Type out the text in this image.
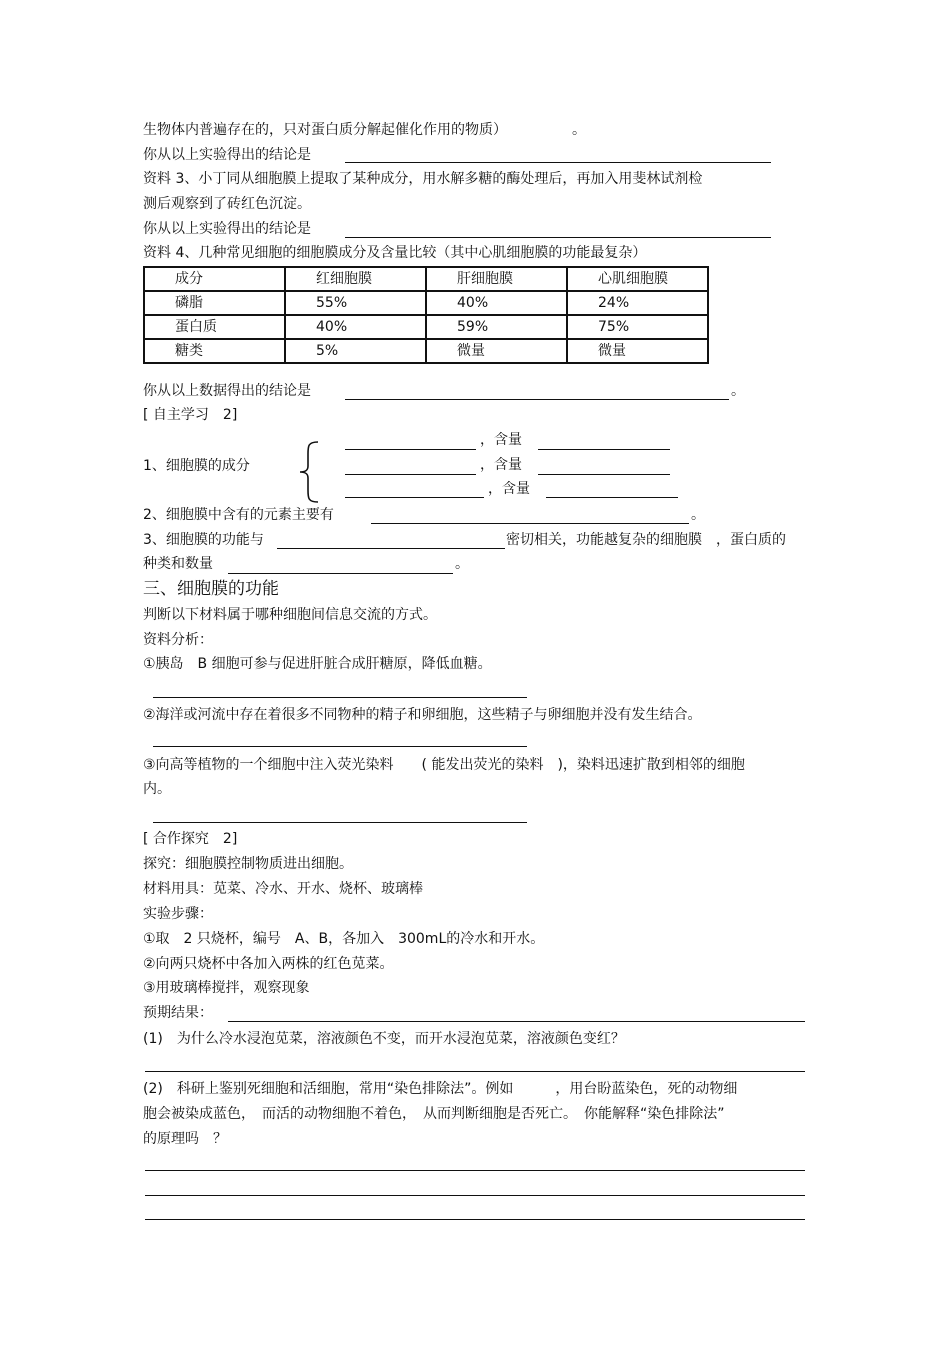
生物体内普遍存在的，只对蛋白质分解起催化作用的物质）	。
你从以上实验得出的结论是
资料 3、小丁同从细胞膜上提取了某种成分，用水解多糖的酶处理后，再加入用斐林试剂检
测后观察到了砖红色沉淀。
你从以上实验得出的结论是
资料 4、几种常见细胞的细胞膜成分及含量比较（其中心肌细胞膜的功能最复杂）
成分	红细胞膜	肝细胞膜	心肌细胞膜
磷脂	55%	40%	24%
蛋白质	40%	59%	75%
糖类	5%	微量	微量
你从以上数据得出的结论是	。
[ 自主学习　2]
1、细胞膜的成分
，含量
，含量
，含量
2、细胞膜中含有的元素主要有	。
3、细胞膜的功能与	密切相关，功能越复杂的细胞膜　，蛋白质的
种类和数量	。
三、细胞膜的功能
判断以下材料属于哪种细胞间信息交流的方式。
资料分析：
①胰岛　B 细胞可参与促进肝脏合成肝糖原，降低血糖。
②海洋或河流中存在着很多不同物种的精子和卵细胞，这些精子与卵细胞并没有发生结合。
③向高等植物的一个细胞中注入荧光染料　　( 能发出荧光的染料　)，染料迅速扩散到相邻的细胞
内。
[ 合作探究　2]
探究：细胞膜控制物质进出细胞。
材料用具：苋菜、冷水、开水、烧杯、玻璃棒
实验步骤：
①取　2 只烧杯，编号　A、B，各加入　300mL的冷水和开水。
②向两只烧杯中各加入两株的红色苋菜。
③用玻璃棒搅拌，观察现象
预期结果：
(1)　为什么冷水浸泡苋菜，溶液颜色不变，而开水浸泡苋菜，溶液颜色变红？
(2)　科研上鉴别死细胞和活细胞，常用“染色排除法”。例如　　　，用台盼蓝染色，死的动物细
胞会被染成蓝色，　而活的动物细胞不着色，　从而判断细胞是否死亡。　你能解释“染色排除法”
的原理吗　？
